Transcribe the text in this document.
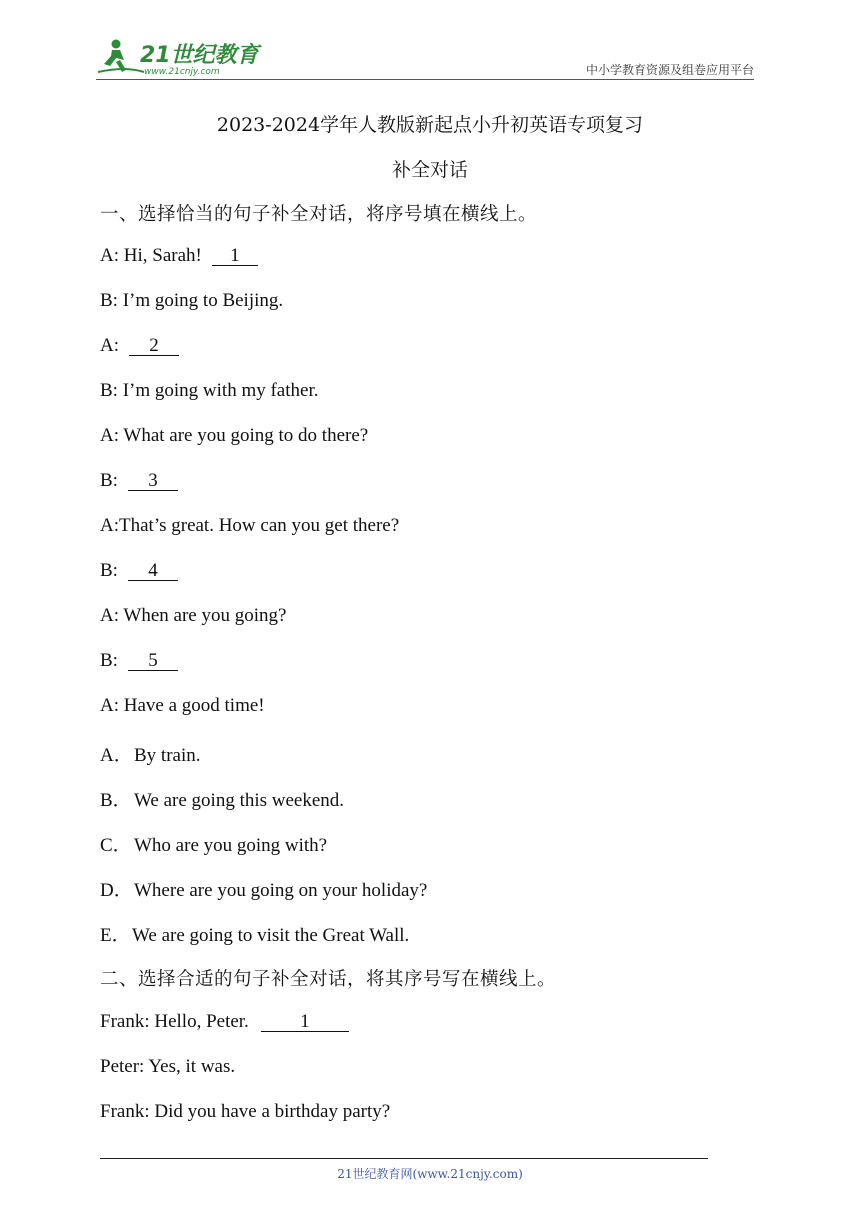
21世纪教育
www.21cnjy.com	中小学教育资源及组卷应用平台
2023-2024学年人教版新起点小升初英语专项复习
补全对话
一、选择恰当的句子补全对话，将序号填在横线上。
A: Hi, Sarah! 1
B: I’m going to Beijing.
A: 2
B: I’m going with my father.
A: What are you going to do there?
B: 3
A:That’s great. How can you get there?
B: 4
A: When are you going?
B: 5
A: Have a good time!
A．By train.
B． We are going this weekend.
C． Who are you going with?
D．Where are you going on your holiday?
E．We are going to visit the Great Wall.
二、选择合适的句子补全对话，将其序号写在横线上。
Frank: Hello, Peter.	1
Peter: Yes, it was.
Frank: Did you have a birthday party?
21世纪教育网(www.21cnjy.com)
